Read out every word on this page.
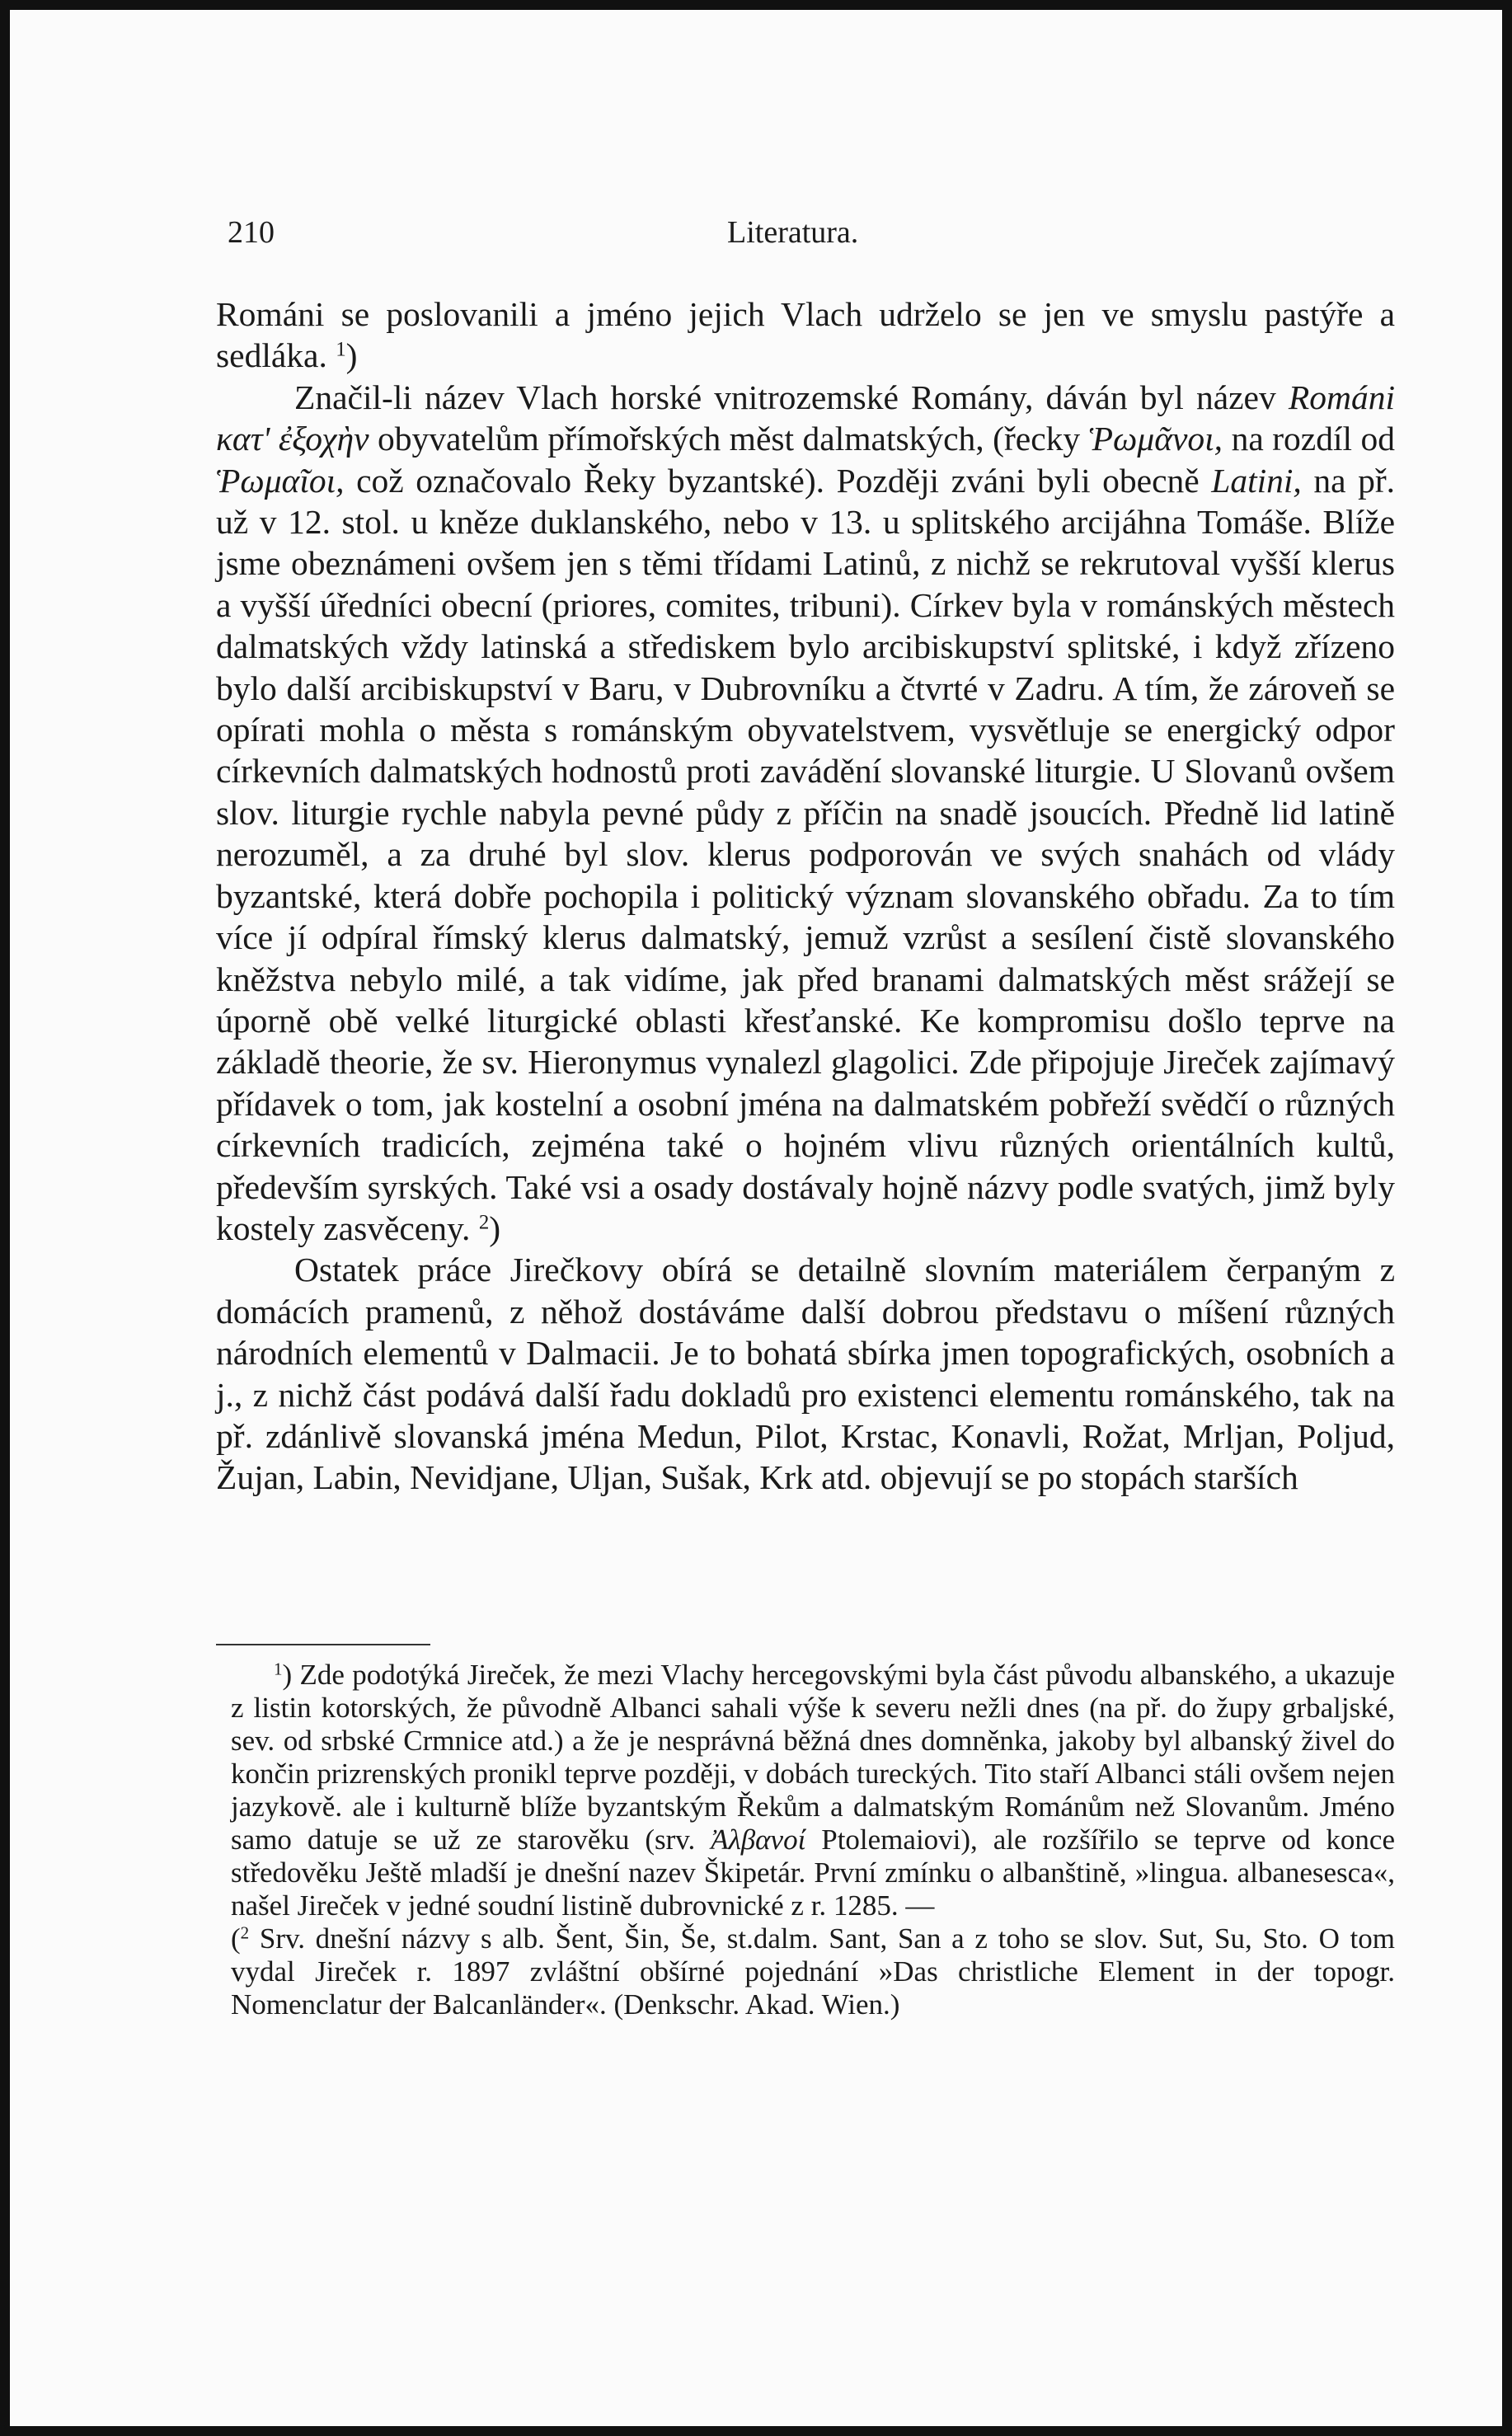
210	Literatura.

Románi se poslovanili a jméno jejich Vlach udrželo se jen ve smyslu pastýře a sedláka. $^1$)

Značil-li název Vlach horské vnitrozemské Romány, dáván byl název Románi κατ' ἐξοχὴν obyvatelům přímořských měst dalmatských, (řecky Ῥωμᾶνοι, na rozdíl od Ῥωμαῖοι, což označovalo Řeky byzantské). Později zváni byli obecně Latini, na př. už v 12. stol. u kněze duklanského, nebo v 13. u splitského arcijáhna Tomáše. Blíže jsme obeznámeni ovšem jen s těmi třídami Latinů, z nichž se rekrutoval vyšší klerus a vyšší úředníci obecní (priores, comites, tribuni). Církev byla v románských městech dalmatských vždy latinská a střediskem bylo arcibiskupství splitské, i když zřízeno bylo další arcibiskupství v Baru, v Dubrovníku a čtvrté v Zadru. A tím, že zároveň se opírati mohla o města s románským obyvatelstvem, vysvětluje se energický odpor církevních dalmatských hodnostů proti zavádění slovanské liturgie. U Slovanů ovšem slov. liturgie rychle nabyla pevné půdy z příčin na snadě jsoucích. Předně lid latině nerozuměl, a za druhé byl slov. klerus podporován ve svých snahách od vlády byzantské, která dobře pochopila i politický význam slovanského obřadu. Za to tím více jí odpíral římský klerus dalmatský, jemuž vzrůst a sesílení čistě slovanského kněžstva nebylo milé, a tak vidíme, jak před branami dalmatských měst srážejí se úporně obě velké liturgické oblasti křesťanské. Ke kompromisu došlo teprve na základě theorie, že sv. Hieronymus vynalezl glagolici. Zde připojuje Jireček zajímavý přídavek o tom, jak kostelní a osobní jména na dalmatském pobřeží svědčí o různých církevních tradicích, zejména také o hojném vlivu různých orientálních kultů, především syrských. Také vsi a osady dostávaly hojně názvy podle svatých, jimž byly kostely zasvěceny. $^2$)

Ostatek práce Jirečkovy obírá se detailně slovním materiálem čerpaným z domácích pramenů, z něhož dostáváme další dobrou představu o míšení různých národních elementů v Dalmacii. Je to bohatá sbírka jmen topografických, osobních a j., z nichž část podává další řadu dokladů pro existenci elementu románského, tak na př. zdánlivě slovanská jména Medun, Pilot, Krstac, Konavli, Rožat, Mrljan, Poljud, Žujan, Labin, Nevidjane, Uljan, Sušak, Krk atd. objevují se po stopách starších

$^1$) Zde podotýká Jireček, že mezi Vlachy hercegovskými byla část původu albanského, a ukazuje z listin kotorských, že původně Albanci sahali výše k severu nežli dnes (na př. do župy grbaljské, sev. od srbské Crmnice atd.) a že je nesprávná běžná dnes domněnka, jakoby byl albanský živel do končin prizrenských pronikl teprve později, v dobách tureckých. Tito staří Albanci stáli ovšem nejen jazykově. ale i kulturně blíže byzantským Řekům a dalmatským Románům než Slovanům. Jméno samo datuje se už ze starověku (srv. Ἀλβανοί Ptolemaiovi), ale rozšířilo se teprve od konce středověku Ještě mladší je dnešní nazev Škipetár. První zmínku o albanštině, »lingua. albanesesca«, našel Jireček v jedné soudní listině dubrovnické z r. 1285. —

($^2$ Srv. dnešní názvy s alb. Šent, Šin, Še, st.dalm. Sant, San a z toho se slov. Sut, Su, Sto. O tom vydal Jireček r. 1897 zvláštní obšírné pojednání »Das christliche Element in der topogr. Nomenclatur der Balcanländer«. (Denkschr. Akad. Wien.)
